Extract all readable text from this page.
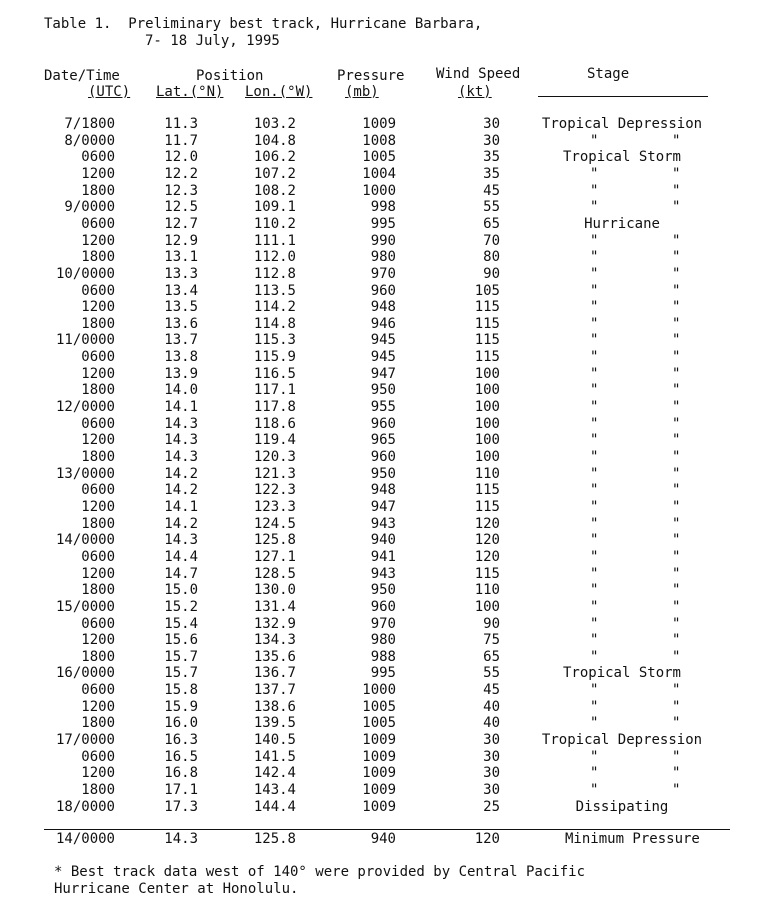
Table 1.  Preliminary best track, Hurricane Barbara,
7- 18 July, 1995
Date/Time
(UTC)
Position
Lat.(°N) Lon.(°W)
Pressure
(mb)
Wind Speed
(kt)
Stage
7/1800	11.3	103.2	1009	30	Tropical Depression
8/0000	11.7	104.8	1008	30	"	"
0600	12.0	106.2	1005	35	Tropical Storm
1200	12.2	107.2	1004	35	"	"
1800	12.3	108.2	1000	45	"	"
9/0000	12.5	109.1	998	55	"	"
0600	12.7	110.2	995	65	Hurricane
1200	12.9	111.1	990	70	"	"
1800	13.1	112.0	980	80	"	"
10/0000	13.3	112.8	970	90	"	"
0600	13.4	113.5	960	105	"	"
1200	13.5	114.2	948	115	"	"
1800	13.6	114.8	946	115	"	"
11/0000	13.7	115.3	945	115	"	"
0600	13.8	115.9	945	115	"	"
1200	13.9	116.5	947	100	"	"
1800	14.0	117.1	950	100	"	"
12/0000	14.1	117.8	955	100	"	"
0600	14.3	118.6	960	100	"	"
1200	14.3	119.4	965	100	"	"
1800	14.3	120.3	960	100	"	"
13/0000	14.2	121.3	950	110	"	"
0600	14.2	122.3	948	115	"	"
1200	14.1	123.3	947	115	"	"
1800	14.2	124.5	943	120	"	"
14/0000	14.3	125.8	940	120	"	"
0600	14.4	127.1	941	120	"	"
1200	14.7	128.5	943	115	"	"
1800	15.0	130.0	950	110	"	"
15/0000	15.2	131.4	960	100	"	"
0600	15.4	132.9	970	90	"	"
1200	15.6	134.3	980	75	"	"
1800	15.7	135.6	988	65	"	"
16/0000	15.7	136.7	995	55	Tropical Storm
0600	15.8	137.7	1000	45	"	"
1200	15.9	138.6	1005	40	"	"
1800	16.0	139.5	1005	40	"	"
17/0000	16.3	140.5	1009	30	Tropical Depression
0600	16.5	141.5	1009	30	"	"
1200	16.8	142.4	1009	30	"	"
1800	17.1	143.4	1009	30	"	"
18/0000	17.3	144.4	1009	25	Dissipating
14/0000	14.3	125.8	940	120	Minimum Pressure
* Best track data west of 140° were provided by Central Pacific
Hurricane Center at Honolulu.
